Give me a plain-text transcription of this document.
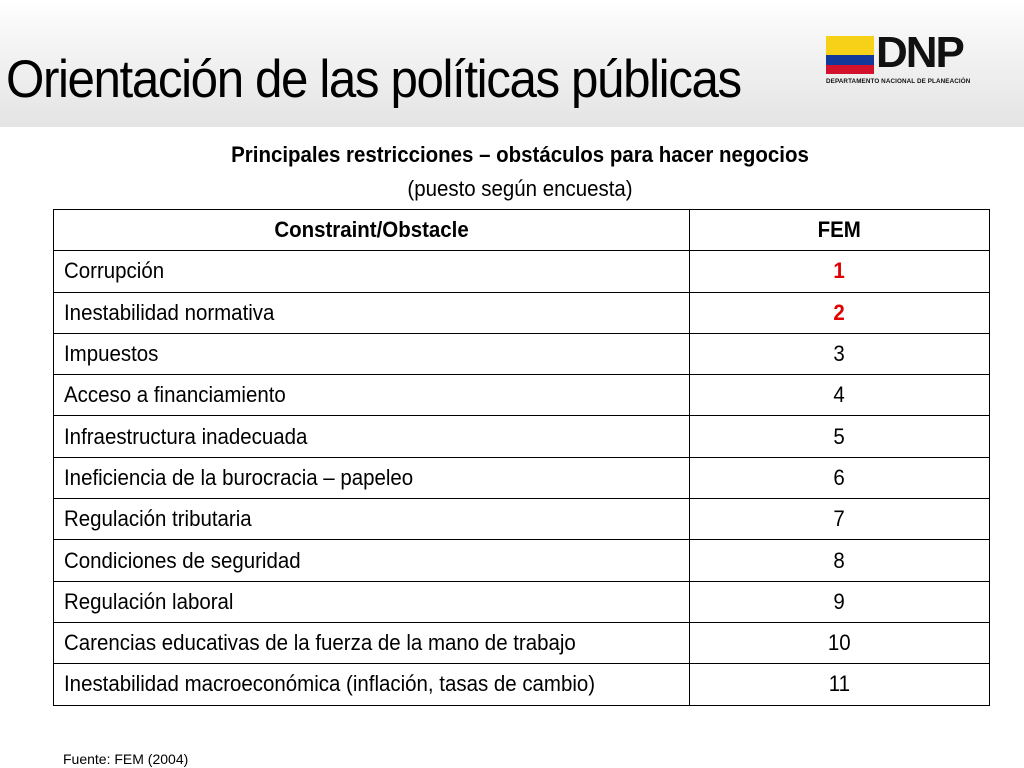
Orientación de las políticas públicas	DNP
DEPARTAMENTO NACIONAL DE PLANEACIÓN
Principales restricciones – obstáculos para hacer negocios
(puesto según encuesta)
Constraint/Obstacle	FEM
Corrupción	1
Inestabilidad normativa	2
Impuestos	3
Acceso a financiamiento	4
Infraestructura inadecuada	5
Ineficiencia de la burocracia – papeleo	6
Regulación tributaria	7
Condiciones de seguridad	8
Regulación laboral	9
Carencias educativas de la fuerza de la mano de trabajo	10
Inestabilidad macroeconómica (inflación, tasas de cambio)	11
Fuente: FEM (2004)
